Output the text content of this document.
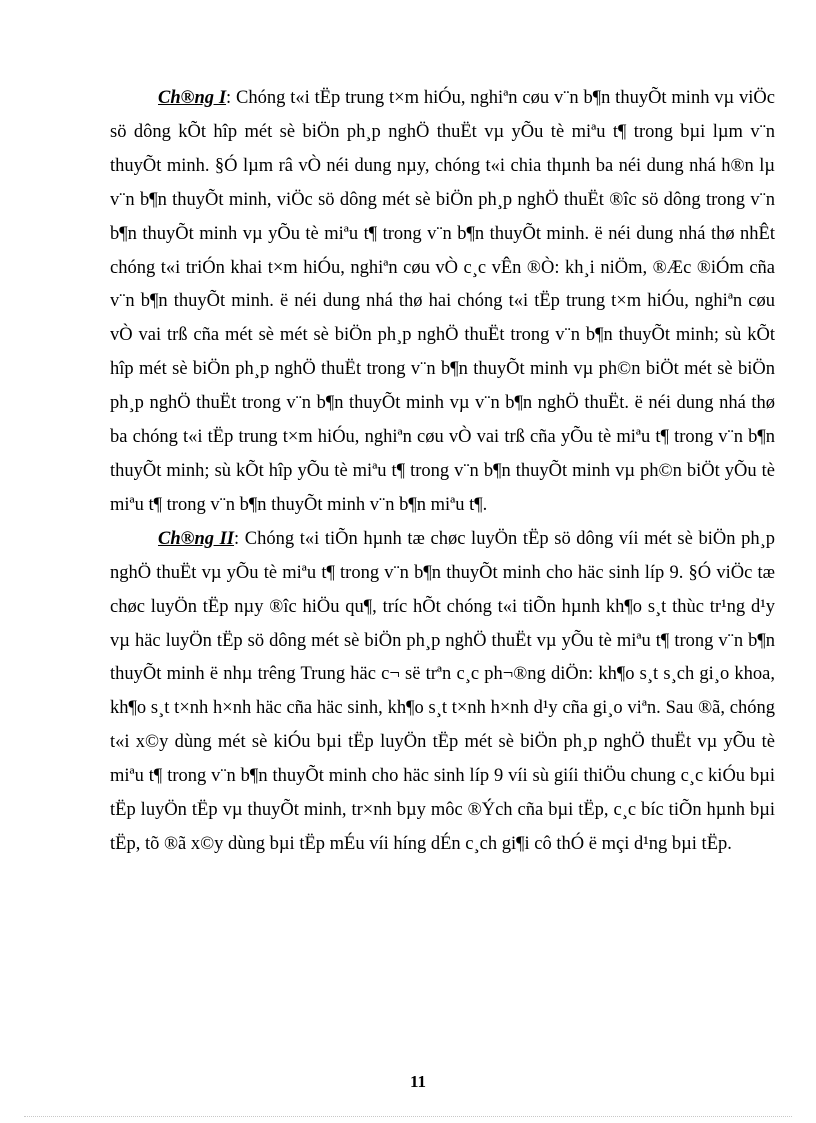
Ch®ng I: Chóng t«i tËp trung t×m hiÓu, nghiªn cøu v¨n b¶n thuyÕt minh vµ viÖc sö dông kÕt hîp mét sè biÖn ph¸p nghÖ thuËt vµ yÕu tè miªu t¶ trong bµi lµm v¨n thuyÕt minh. §Ó lµm râ vÒ néi dung nµy, chóng t«i chia thµnh ba néi dung nhá h®n lµ v¨n b¶n thuyÕt minh, viÖc sö dông mét sè biÖn ph¸p nghÖ thuËt ®îc sö dông trong v¨n b¶n thuyÕt minh vµ yÕu tè miªu t¶ trong v¨n b¶n thuyÕt minh. ë néi dung nhá thø nhÊt chóng t«i triÓn khai t×m hiÓu, nghiªn cøu vÒ c¸c vÊn ®Ò: kh¸i niÖm, ®Æc ®iÓm cña v¨n b¶n thuyÕt minh. ë néi dung nhá thø hai chóng t«i tËp trung t×m hiÓu, nghiªn cøu vÒ vai trß cña mét sè mét sè biÖn ph¸p nghÖ thuËt trong v¨n b¶n thuyÕt minh; sù kÕt hîp mét sè biÖn ph¸p nghÖ thuËt trong v¨n b¶n thuyÕt minh vµ ph©n biÖt mét sè biÖn ph¸p nghÖ thuËt trong v¨n b¶n thuyÕt minh vµ v¨n b¶n nghÖ thuËt. ë néi dung nhá thø ba chóng t«i tËp trung t×m hiÓu, nghiªn cøu vÒ vai trß cña yÕu tè miªu t¶ trong v¨n b¶n thuyÕt minh; sù kÕt hîp yÕu tè miªu t¶ trong v¨n b¶n thuyÕt minh vµ ph©n biÖt yÕu tè miªu t¶ trong v¨n b¶n thuyÕt minh v¨n b¶n miªu t¶.

Ch®ng II: Chóng t«i tiÕn hµnh tæ chøc luyÖn tËp sö dông víi mét sè biÖn ph¸p nghÖ thuËt vµ yÕu tè miªu t¶ trong v¨n b¶n thuyÕt minh cho häc sinh líp 9. §Ó viÖc tæ chøc luyÖn tËp nµy ®îc hiÖu qu¶, tríc hÕt chóng t«i tiÕn hµnh kh¶o s¸t thùc tr¹ng d¹y vµ häc luyÖn tËp sö dông mét sè biÖn ph¸p nghÖ thuËt vµ yÕu tè miªu t¶ trong v¨n b¶n thuyÕt minh ë nhµ trêng Trung häc c¬ së trªn c¸c ph¬®ng diÖn: kh¶o s¸t s¸ch gi¸o khoa, kh¶o s¸t t×nh h×nh häc cña häc sinh, kh¶o s¸t t×nh h×nh d¹y cña gi¸o viªn. Sau ®ã, chóng t«i x©y dùng mét sè kiÓu bµi tËp luyÖn tËp mét sè biÖn ph¸p nghÖ thuËt vµ yÕu tè miªu t¶ trong v¨n b¶n thuyÕt minh cho häc sinh líp 9 víi sù giíi thiÖu chung c¸c kiÓu bµi tËp luyÖn tËp vµ thuyÕt minh, tr×nh bµy môc ®Ých cña bµi tËp, c¸c bíc tiÕn hµnh bµi tËp, tõ ®ã x©y dùng bµi tËp mÉu víi híng dÉn c¸ch gi¶i cô thÓ ë mçi d¹ng bµi tËp.

11
